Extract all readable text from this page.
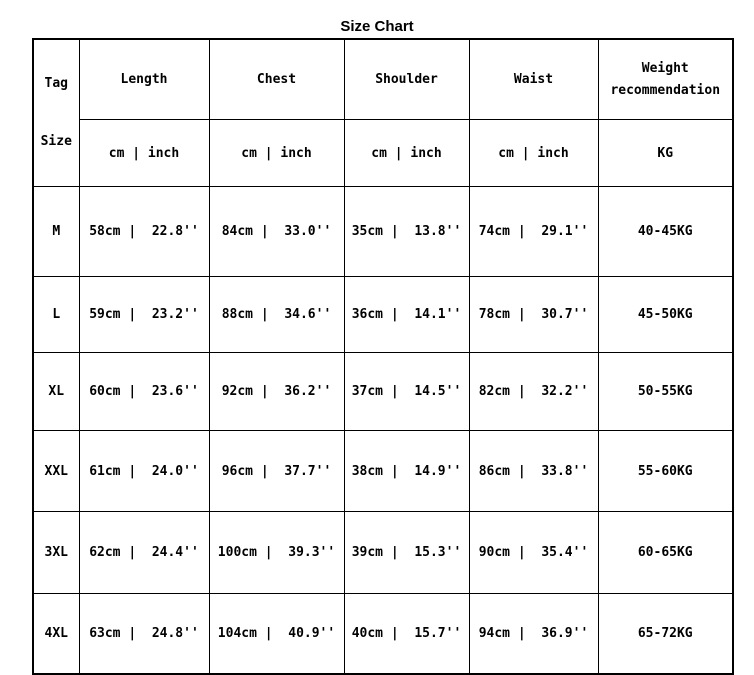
Size Chart

Tag

Size	Length	Chest	Shoulder	Waist	Weight recommendation
	cm | inch	cm | inch	cm | inch	cm | inch	KG
M	58cm |  22.8''	84cm |  33.0''	35cm |  13.8''	74cm |  29.1''	40-45KG
L	59cm |  23.2''	88cm |  34.6''	36cm |  14.1''	78cm |  30.7''	45-50KG
XL	60cm |  23.6''	92cm |  36.2''	37cm |  14.5''	82cm |  32.2''	50-55KG
XXL	61cm |  24.0''	96cm |  37.7''	38cm |  14.9''	86cm |  33.8''	55-60KG
3XL	62cm |  24.4''	100cm |  39.3''	39cm |  15.3''	90cm |  35.4''	60-65KG
4XL	63cm |  24.8''	104cm |  40.9''	40cm |  15.7''	94cm |  36.9''	65-72KG
